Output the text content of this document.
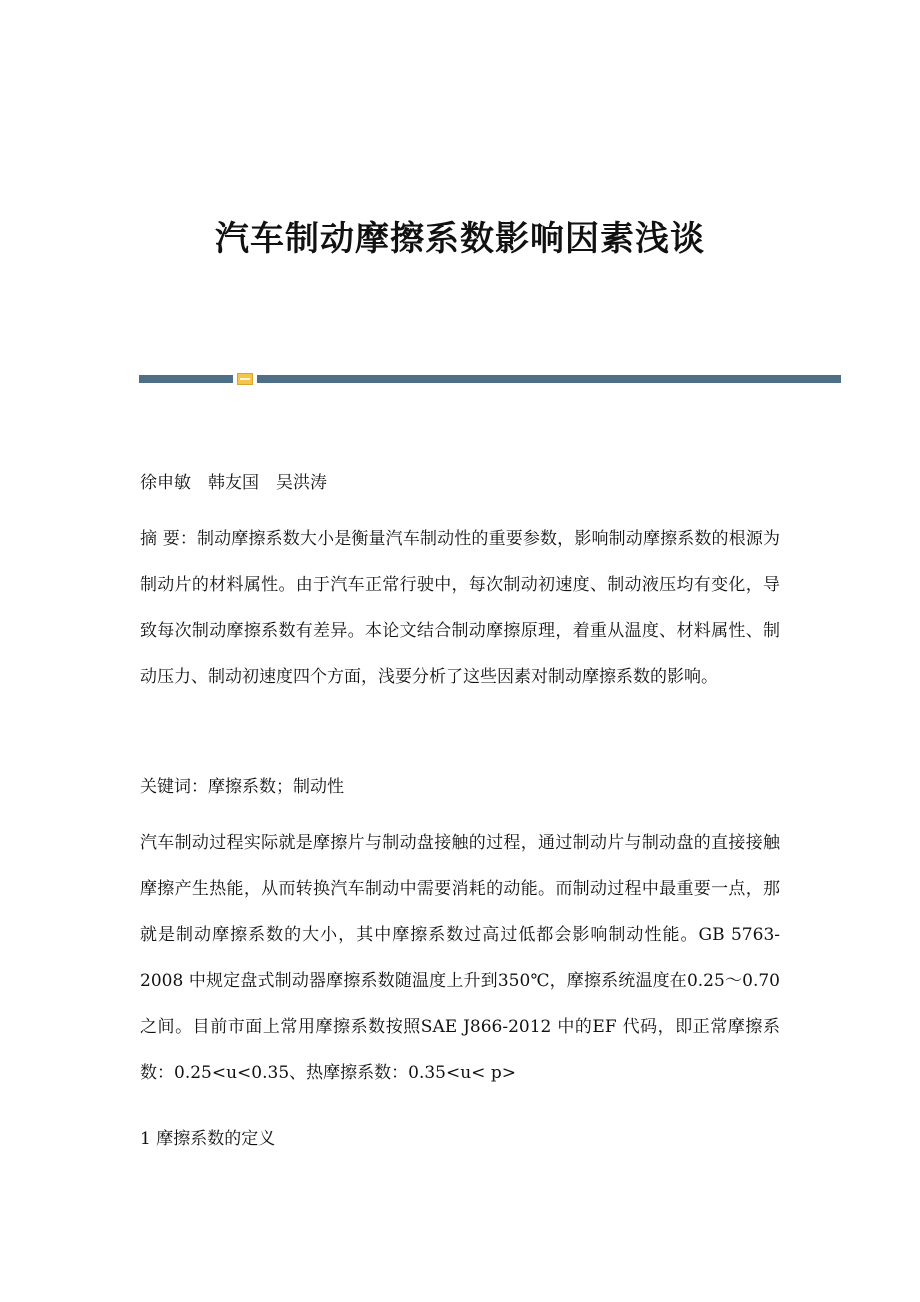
汽车制动摩擦系数影响因素浅谈

徐申敏　韩友国　吴洪涛

摘 要：制动摩擦系数大小是衡量汽车制动性的重要参数，影响制动摩擦系数的根源为制动片的材料属性。由于汽车正常行驶中，每次制动初速度、制动液压均有变化，导致每次制动摩擦系数有差异。本论文结合制动摩擦原理，着重从温度、材料属性、制动压力、制动初速度四个方面，浅要分析了这些因素对制动摩擦系数的影响。

关键词：摩擦系数；制动性

汽车制动过程实际就是摩擦片与制动盘接触的过程，通过制动片与制动盘的直接接触摩擦产生热能，从而转换汽车制动中需要消耗的动能。而制动过程中最重要一点，那就是制动摩擦系数的大小，其中摩擦系数过高过低都会影响制动性能。GB 5763-2008 中规定盘式制动器摩擦系数随温度上升到350℃，摩擦系统温度在0.25～0.70之间。目前市面上常用摩擦系数按照SAE J866-2012 中的EF 代码，即正常摩擦系数：0.25<u<0.35、热摩擦系数：0.35<u< p>

1 摩擦系数的定义
